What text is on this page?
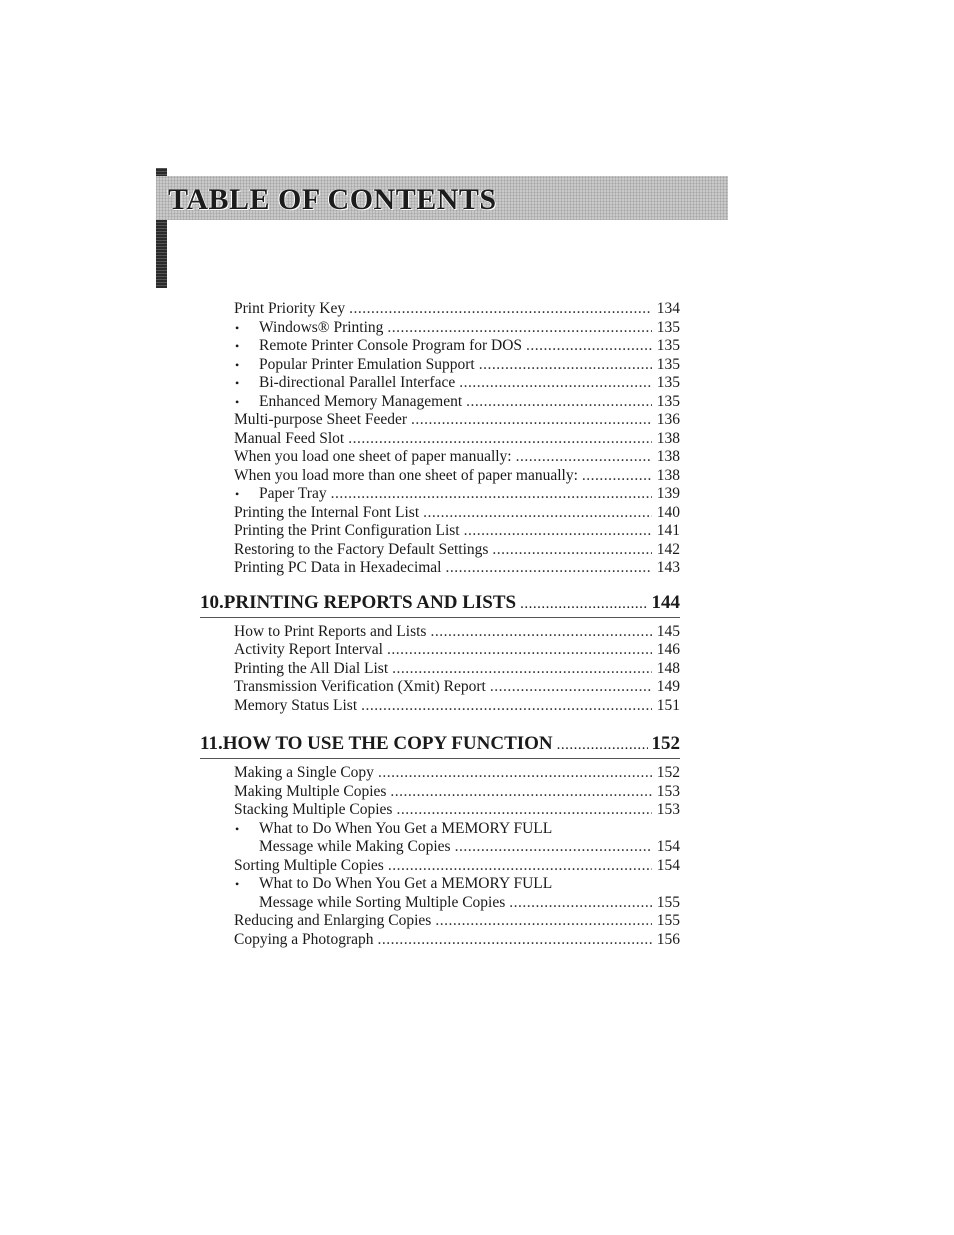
TABLE OF CONTENTS
Print Priority Key .....	134
• Windows® Printing .....	135
• Remote Printer Console Program for DOS .....	135
• Popular Printer Emulation Support .....	135
• Bi-directional Parallel Interface .....	135
• Enhanced Memory Management .....	135
Multi-purpose Sheet Feeder .....	136
Manual Feed Slot .....	138
When you load one sheet of paper manually: .....	138
When you load more than one sheet of paper manually: .....	138
• Paper Tray .....	139
Printing the Internal Font List .....	140
Printing the Print Configuration List .....	141
Restoring to the Factory Default Settings .....	142
Printing PC Data in Hexadecimal .....	143
10. PRINTING REPORTS AND LISTS .....	144
How to Print Reports and Lists .....	145
Activity Report Interval .....	146
Printing the All Dial List .....	148
Transmission Verification (Xmit) Report .....	149
Memory Status List .....	151
11. HOW TO USE THE COPY FUNCTION .....	152
Making a Single Copy .....	152
Making Multiple Copies .....	153
Stacking Multiple Copies .....	153
• What to Do When You Get a MEMORY FULL
Message while Making Copies .....	154
Sorting Multiple Copies .....	154
• What to Do When You Get a MEMORY FULL
Message while Sorting Multiple Copies .....	155
Reducing and Enlarging Copies .....	155
Copying a Photograph .....	156
